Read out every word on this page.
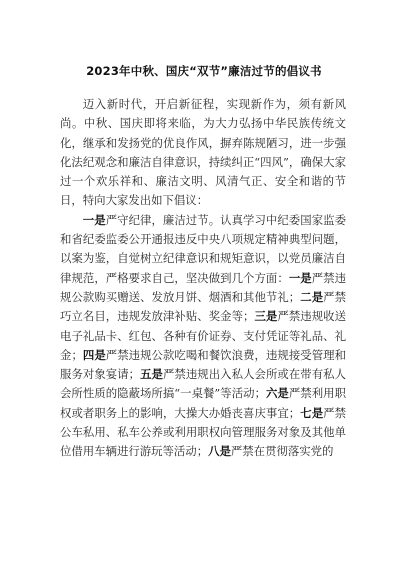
2023年中秋、国庆“双节”廉洁过节的倡议书

迈入新时代，开启新征程，实现新作为，须有新风尚。中秋、国庆即将来临，为大力弘扬中华民族传统文化，继承和发扬党的优良作风，摒弃陈规陋习，进一步强化法纪观念和廉洁自律意识，持续纠正“四风”，确保大家过一个欢乐祥和、廉洁文明、风清气正、安全和谐的节日，特向大家发出如下倡议：

一是严守纪律，廉洁过节。认真学习中纪委国家监委和省纪委监委公开通报违反中央八项规定精神典型问题，以案为鉴，自觉树立纪律意识和规矩意识，以党员廉洁自律规范，严格要求自己，坚决做到几个方面：一是严禁违规公款购买赠送、发放月饼、烟酒和其他节礼；二是严禁巧立名目，违规发放津补贴、奖金等；三是严禁违规收送电子礼品卡、红包、各种有价证券、支付凭证等礼品、礼金；四是严禁违规公款吃喝和餐饮浪费，违规接受管理和服务对象宴请；五是严禁违规出入私人会所或在带有私人会所性质的隐蔽场所搞“一桌餐”等活动；六是严禁利用职权或者职务上的影响，大操大办婚丧喜庆事宜；七是严禁公车私用、私车公养或利用职权向管理服务对象及其他单位借用车辆进行游玩等活动；八是严禁在贯彻落实党的
